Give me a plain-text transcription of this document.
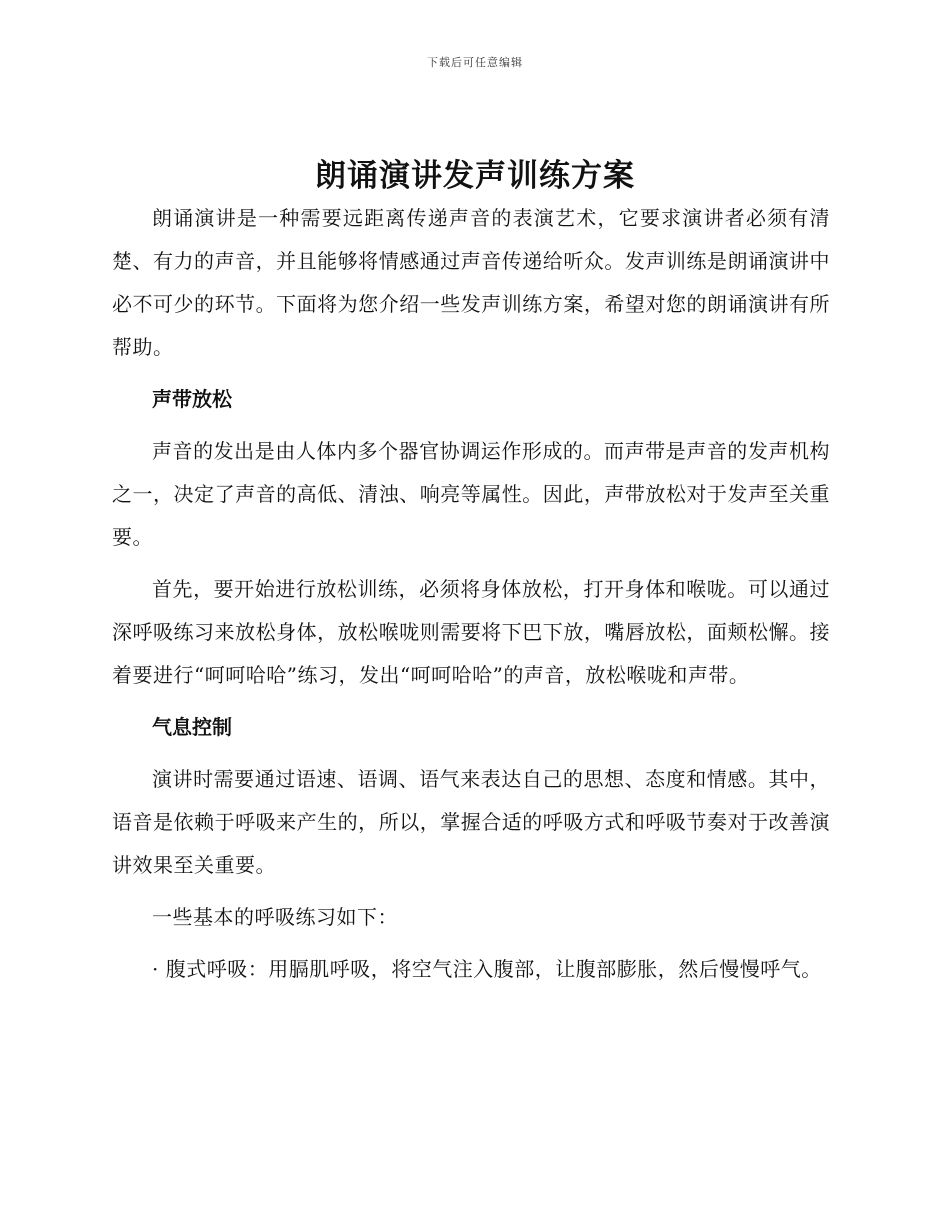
下载后可任意编辑
朗诵演讲发声训练方案

朗诵演讲是一种需要远距离传递声音的表演艺术，它要求演讲者必须有清楚、有力的声音，并且能够将情感通过声音传递给听众。发声训练是朗诵演讲中必不可少的环节。下面将为您介绍一些发声训练方案，希望对您的朗诵演讲有所帮助。

声带放松

声音的发出是由人体内多个器官协调运作形成的。而声带是声音的发声机构之一，决定了声音的高低、清浊、响亮等属性。因此，声带放松对于发声至关重要。

首先，要开始进行放松训练，必须将身体放松，打开身体和喉咙。可以通过深呼吸练习来放松身体，放松喉咙则需要将下巴下放，嘴唇放松，面颊松懈。接着要进行“呵呵哈哈”练习，发出“呵呵哈哈”的声音，放松喉咙和声带。

气息控制

演讲时需要通过语速、语调、语气来表达自己的思想、态度和情感。其中，语音是依赖于呼吸来产生的，所以，掌握合适的呼吸方式和呼吸节奏对于改善演讲效果至关重要。

一些基本的呼吸练习如下：

· 腹式呼吸：用膈肌呼吸，将空气注入腹部，让腹部膨胀，然后慢慢呼气。
